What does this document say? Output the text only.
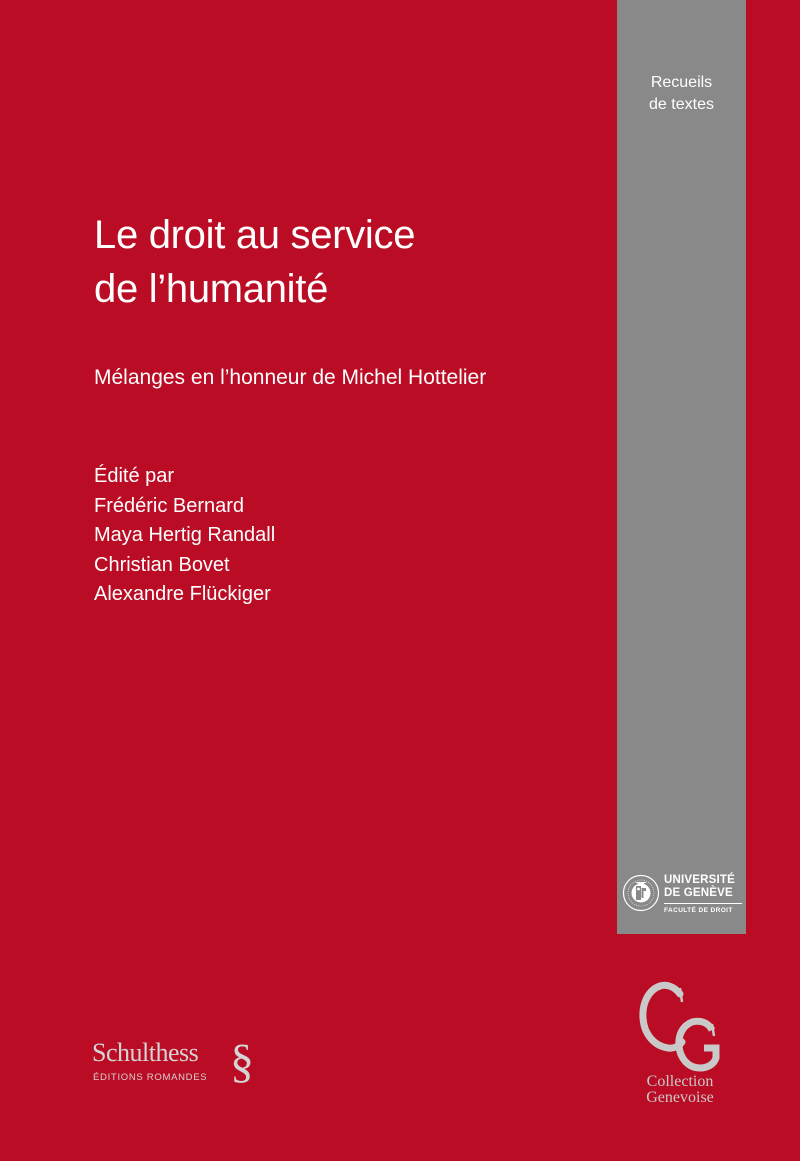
Recueils
de textes
Le droit au service
de l’humanité
Mélanges en l’honneur de Michel Hottelier
Édité par
Frédéric Bernard
Maya Hertig Randall
Christian Bovet
Alexandre Flückiger
UNIVERSITÉ
DE GENÈVE
FACULTÉ DE DROIT
Collection
Genevoise
Schulthess
ÉDITIONS ROMANDES §
